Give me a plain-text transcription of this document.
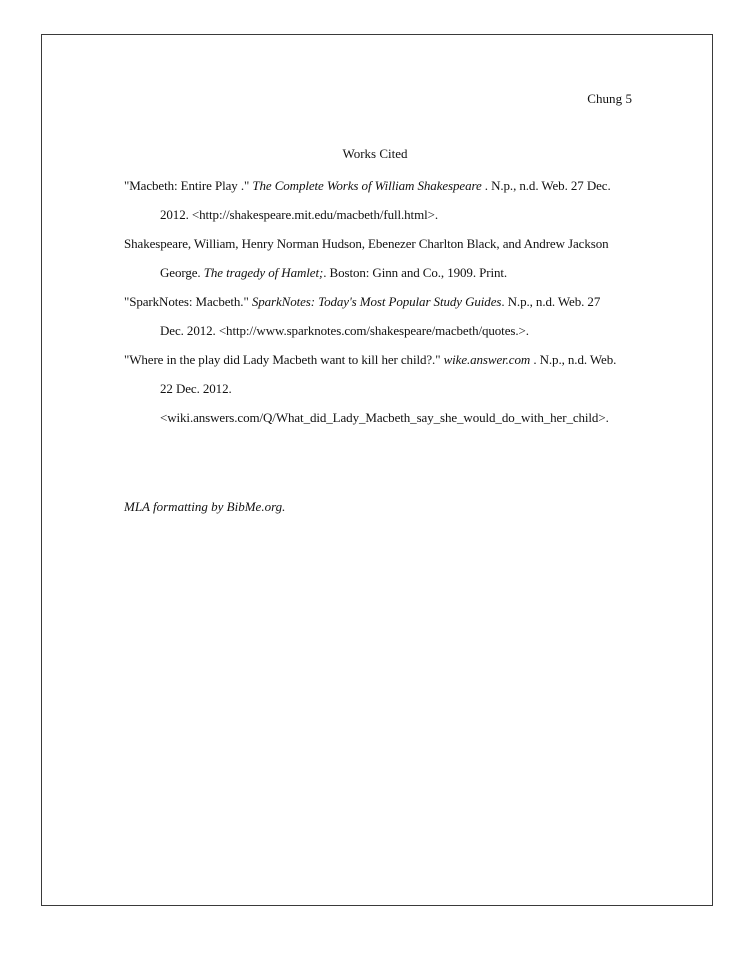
Chung 5
Works Cited
"Macbeth: Entire Play ." The Complete Works of William Shakespeare . N.p., n.d. Web. 27 Dec.
2012. <http://shakespeare.mit.edu/macbeth/full.html>.
Shakespeare, William, Henry Norman Hudson, Ebenezer Charlton Black, and Andrew Jackson
George. The tragedy of Hamlet;. Boston: Ginn and Co., 1909. Print.
"SparkNotes: Macbeth." SparkNotes: Today's Most Popular Study Guides. N.p., n.d. Web. 27
Dec. 2012. <http://www.sparknotes.com/shakespeare/macbeth/quotes.>.
"Where in the play did Lady Macbeth want to kill her child?." wike.answer.com . N.p., n.d. Web.
22 Dec. 2012.
<wiki.answers.com/Q/What_did_Lady_Macbeth_say_she_would_do_with_her_child>.
MLA formatting by BibMe.org.
